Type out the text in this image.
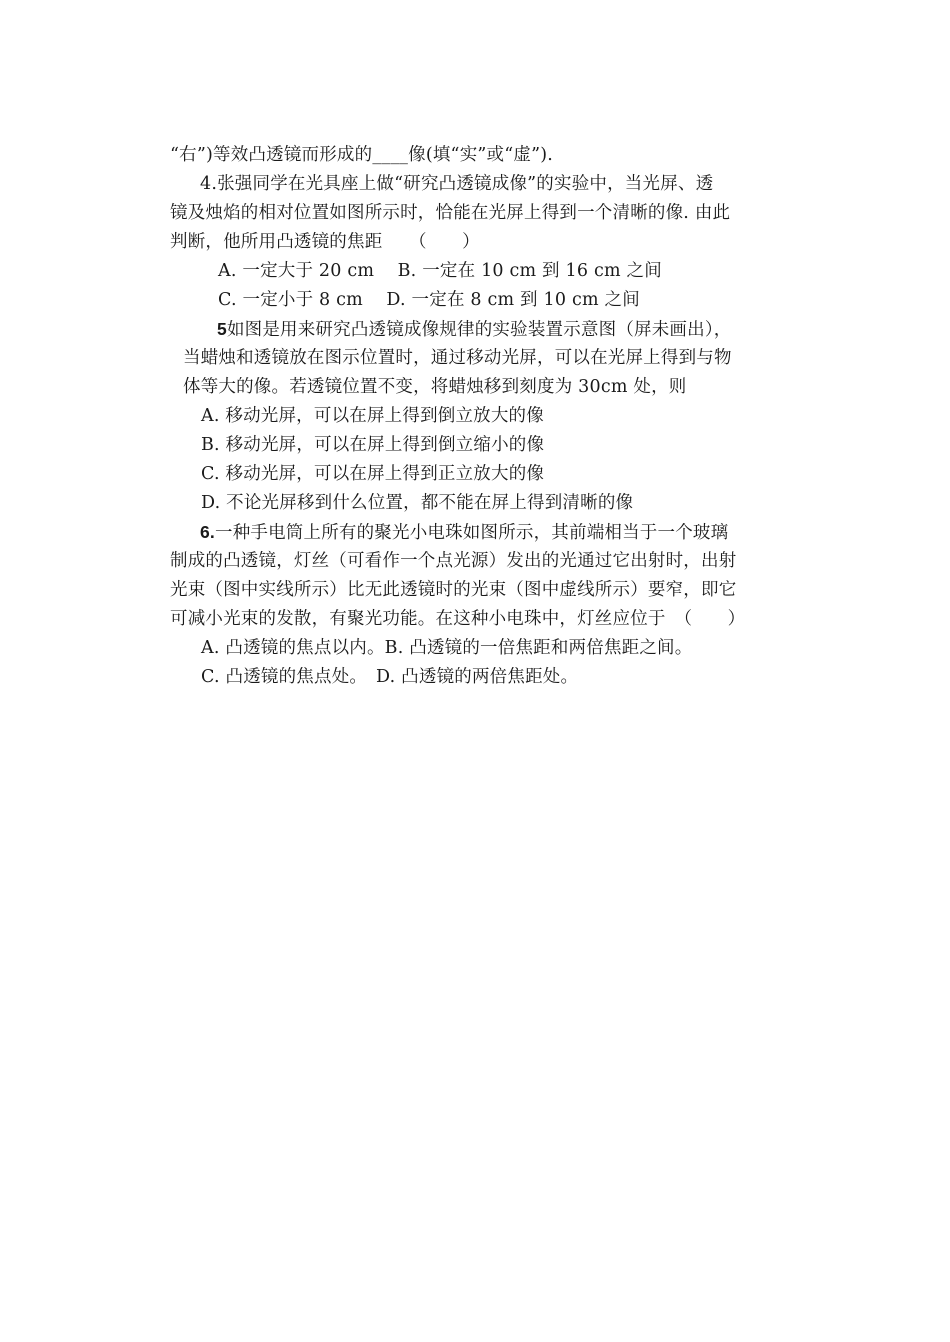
“右”)等效凸透镜而形成的____像(填“实”或“虚”).
4.张强同学在光具座上做“研究凸透镜成像”的实验中，当光屏、透
镜及烛焰的相对位置如图所示时，恰能在光屏上得到一个清晰的像. 由此
判断，他所用凸透镜的焦距　　（　　）
A. 一定大于 20 cm　 B. 一定在 10 cm 到 16 cm 之间
C. 一定小于 8 cm　 D. 一定在 8 cm 到 10 cm 之间
5如图是用来研究凸透镜成像规律的实验装置示意图（屏未画出），
当蜡烛和透镜放在图示位置时，通过移动光屏，可以在光屏上得到与物
体等大的像。若透镜位置不变，将蜡烛移到刻度为 30cm 处，则
A. 移动光屏，可以在屏上得到倒立放大的像
B. 移动光屏，可以在屏上得到倒立缩小的像
C. 移动光屏，可以在屏上得到正立放大的像
D. 不论光屏移到什么位置，都不能在屏上得到清晰的像
6.一种手电筒上所有的聚光小电珠如图所示，其前端相当于一个玻璃
制成的凸透镜，灯丝（可看作一个点光源）发出的光通过它出射时，出射
光束（图中实线所示）比无此透镜时的光束（图中虚线所示）要窄，即它
可减小光束的发散，有聚光功能。在这种小电珠中，灯丝应位于　（　　）
A. 凸透镜的焦点以内。B. 凸透镜的一倍焦距和两倍焦距之间。
C. 凸透镜的焦点处。　D. 凸透镜的两倍焦距处。
